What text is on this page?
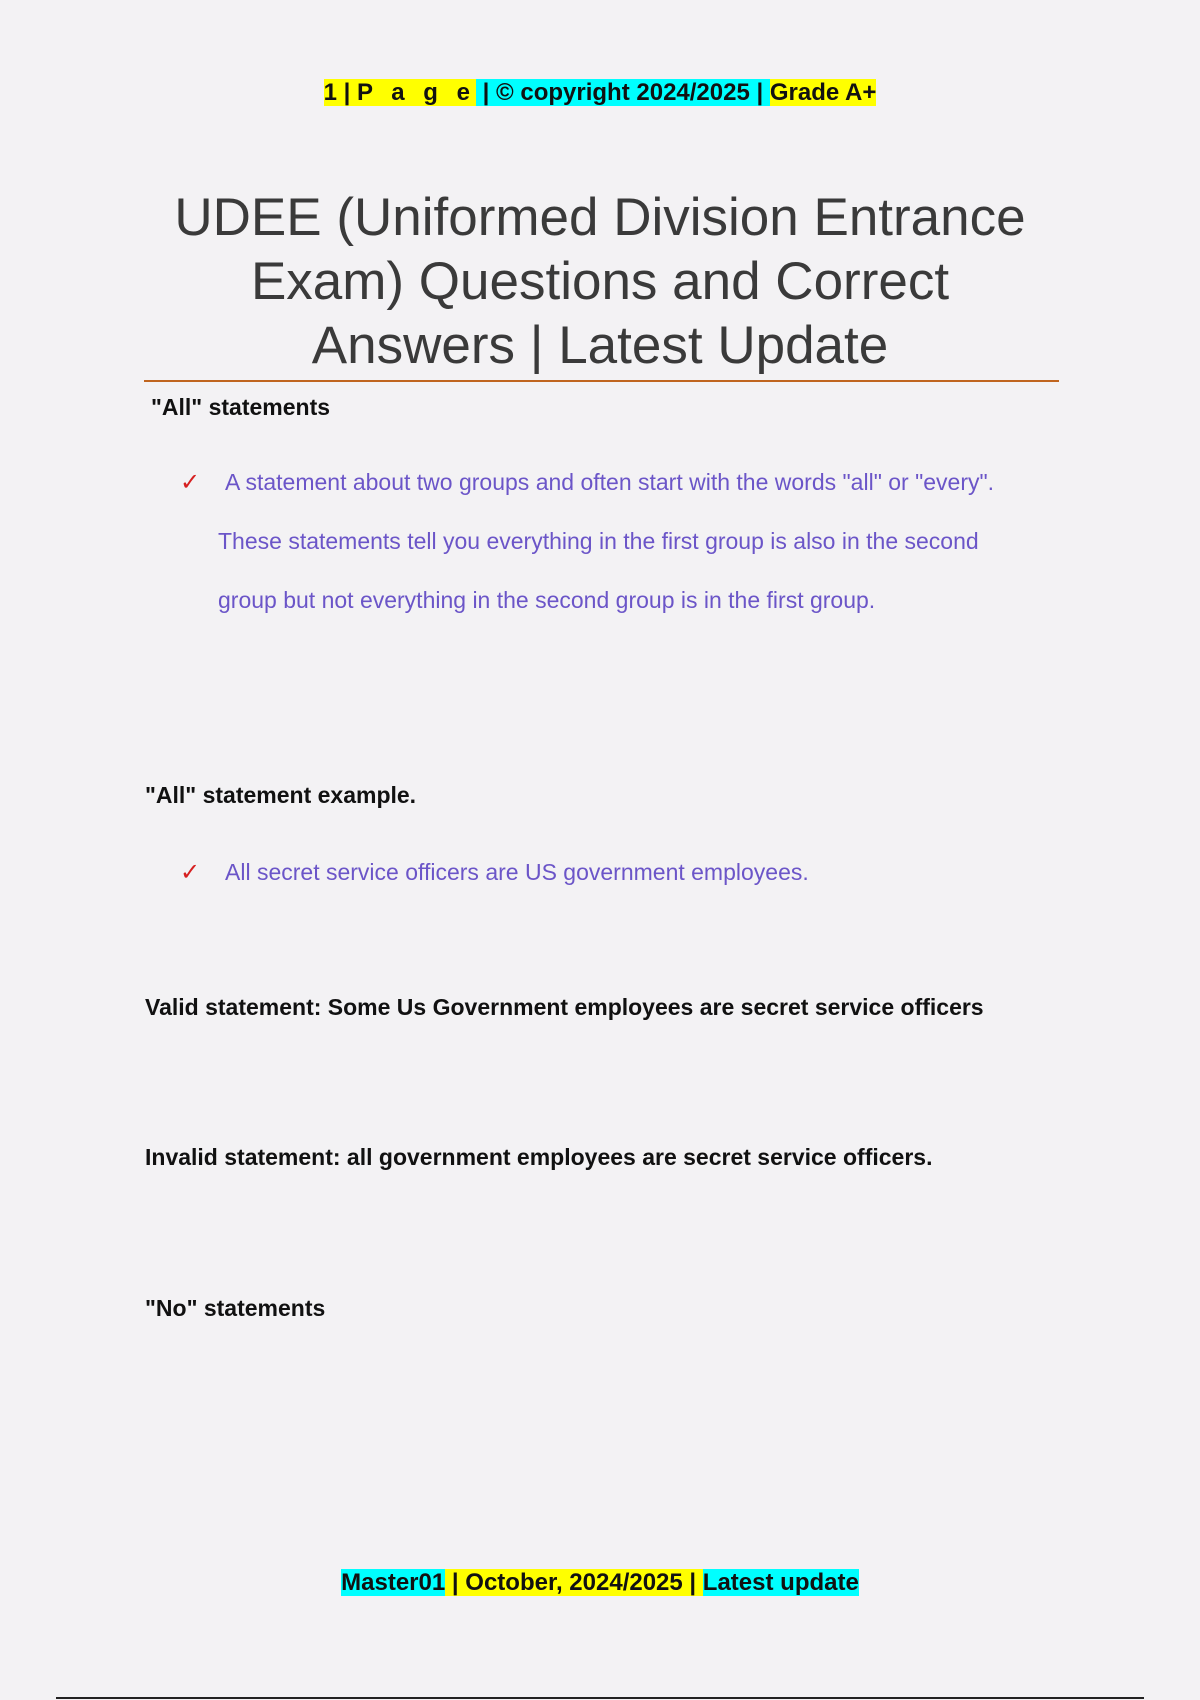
1 | P a g e | © copyright 2024/2025 | Grade A+
UDEE (Uniformed Division Entrance Exam) Questions and Correct Answers | Latest Update

"All" statements

✓	A statement about two groups and often start with the words "all" or "every". These statements tell you everything in the first group is also in the second group but not everything in the second group is in the first group.

"All" statement example.

✓	All secret service officers are US government employees.

Valid statement: Some Us Government employees are secret service officers

Invalid statement: all government employees are secret service officers.

"No" statements

Master01 | October, 2024/2025 | Latest update
